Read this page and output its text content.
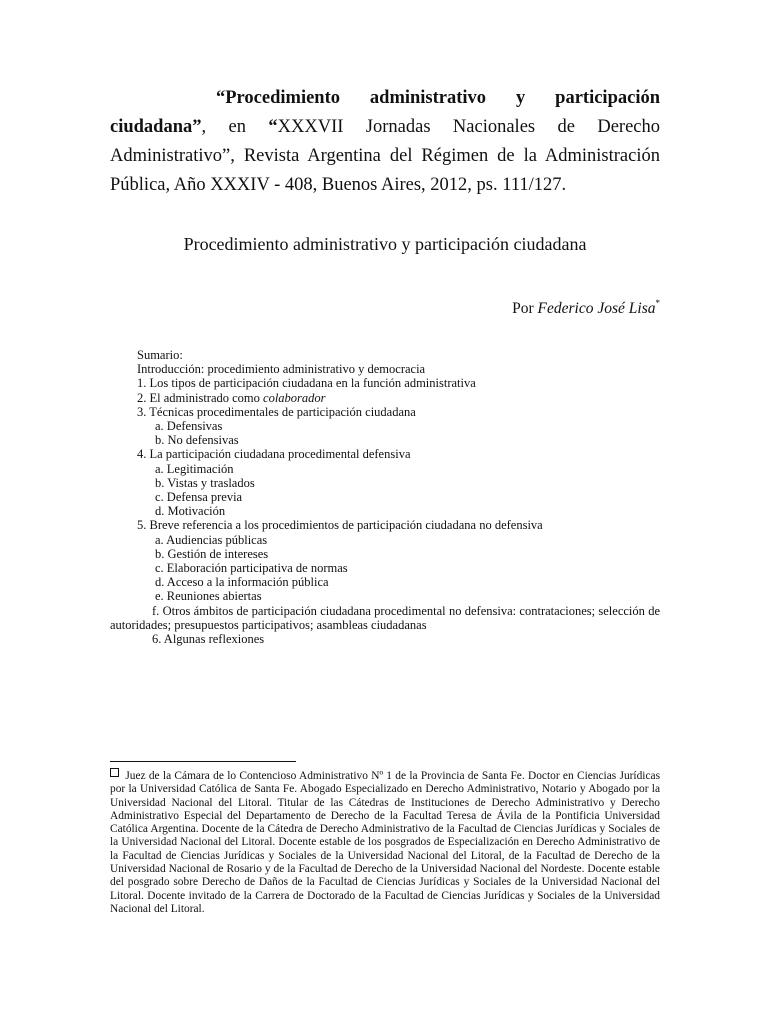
“Procedimiento administrativo y participación ciudadana”, en “XXXVII Jornadas Nacionales de Derecho Administrativo”, Revista Argentina del Régimen de la Administración Pública, Año XXXIV - 408, Buenos Aires, 2012, ps. 111/127.
Procedimiento administrativo y participación ciudadana
Por Federico José Lisa*
Sumario:
Introducción: procedimiento administrativo y democracia
1. Los tipos de participación ciudadana en la función administrativa
2. El administrado como colaborador
3. Técnicas procedimentales de participación ciudadana
a. Defensivas
b. No defensivas
4. La participación ciudadana procedimental defensiva
a. Legitimación
b. Vistas y traslados
c. Defensa previa
d. Motivación
5. Breve referencia a los procedimientos de participación ciudadana no defensiva
a. Audiencias públicas
b. Gestión de intereses
c. Elaboración participativa de normas
d. Acceso a la información pública
e. Reuniones abiertas
f. Otros ámbitos de participación ciudadana procedimental no defensiva: contrataciones; selección de autoridades; presupuestos participativos; asambleas ciudadanas
6. Algunas reflexiones
Juez de la Cámara de lo Contencioso Administrativo Nº 1 de la Provincia de Santa Fe. Doctor en Ciencias Jurídicas por la Universidad Católica de Santa Fe. Abogado Especializado en Derecho Administrativo, Notario y Abogado por la Universidad Nacional del Litoral. Titular de las Cátedras de Instituciones de Derecho Administrativo y Derecho Administrativo Especial del Departamento de Derecho de la Facultad Teresa de Ávila de la Pontificia Universidad Católica Argentina. Docente de la Cátedra de Derecho Administrativo de la Facultad de Ciencias Jurídicas y Sociales de la Universidad Nacional del Litoral. Docente estable de los posgrados de Especialización en Derecho Administrativo de la Facultad de Ciencias Jurídicas y Sociales de la Universidad Nacional del Litoral, de la Facultad de Derecho de la Universidad Nacional de Rosario y de la Facultad de Derecho de la Universidad Nacional del Nordeste. Docente estable del posgrado sobre Derecho de Daños de la Facultad de Ciencias Jurídicas y Sociales de la Universidad Nacional del Litoral. Docente invitado de la Carrera de Doctorado de la Facultad de Ciencias Jurídicas y Sociales de la Universidad Nacional del Litoral.
